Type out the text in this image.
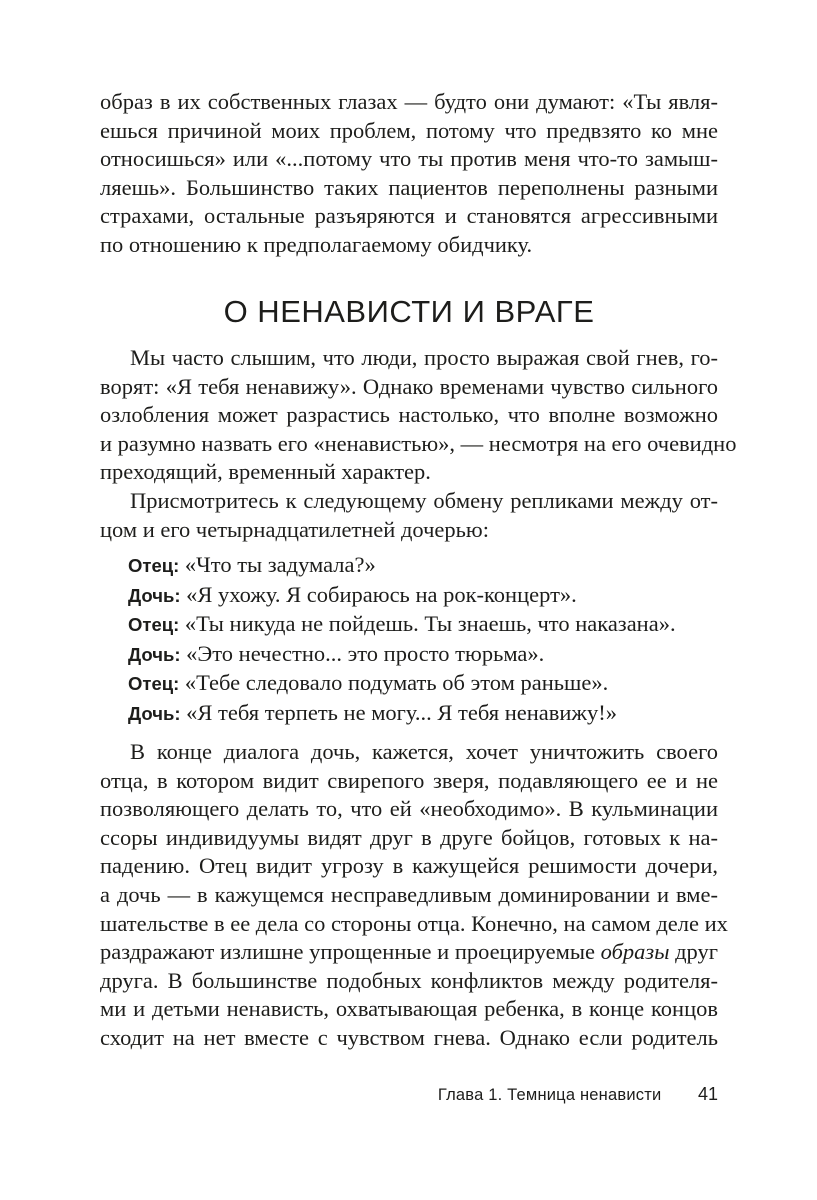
образ в их собственных глазах — будто они думают: «Ты явля-
ешься причиной моих проблем, потому что предвзято ко мне
относишься» или «...потому что ты против меня что-то замыш-
ляешь». Большинство таких пациентов переполнены разными
страхами, остальные разъяряются и становятся агрессивными
по отношению к предполагаемому обидчику.
О НЕНАВИСТИ И ВРАГЕ
Мы часто слышим, что люди, просто выражая свой гнев, го-
ворят: «Я тебя ненавижу». Однако временами чувство сильного
озлобления может разрастись настолько, что вполне возможно
и разумно назвать его «ненавистью», — несмотря на его очевидно
преходящий, временный характер.
Присмотритесь к следующему обмену репликами между от-
цом и его четырнадцатилетней дочерью:
Отец: «Что ты задумала?»
Дочь: «Я ухожу. Я собираюсь на рок-концерт».
Отец: «Ты никуда не пойдешь. Ты знаешь, что наказана».
Дочь: «Это нечестно... это просто тюрьма».
Отец: «Тебе следовало подумать об этом раньше».
Дочь: «Я тебя терпеть не могу... Я тебя ненавижу!»
В конце диалога дочь, кажется, хочет уничтожить своего
отца, в котором видит свирепого зверя, подавляющего ее и не
позволяющего делать то, что ей «необходимо». В кульминации
ссоры индивидуумы видят друг в друге бойцов, готовых к на-
падению. Отец видит угрозу в кажущейся решимости дочери,
а дочь — в кажущемся несправедливым доминировании и вме-
шательстве в ее дела со стороны отца. Конечно, на самом деле их
раздражают излишне упрощенные и проецируемые образы друг
друга. В большинстве подобных конфликтов между родителя-
ми и детьми ненависть, охватывающая ребенка, в конце концов
сходит на нет вместе с чувством гнева. Однако если родитель
Глава 1. Темница ненависти 41
